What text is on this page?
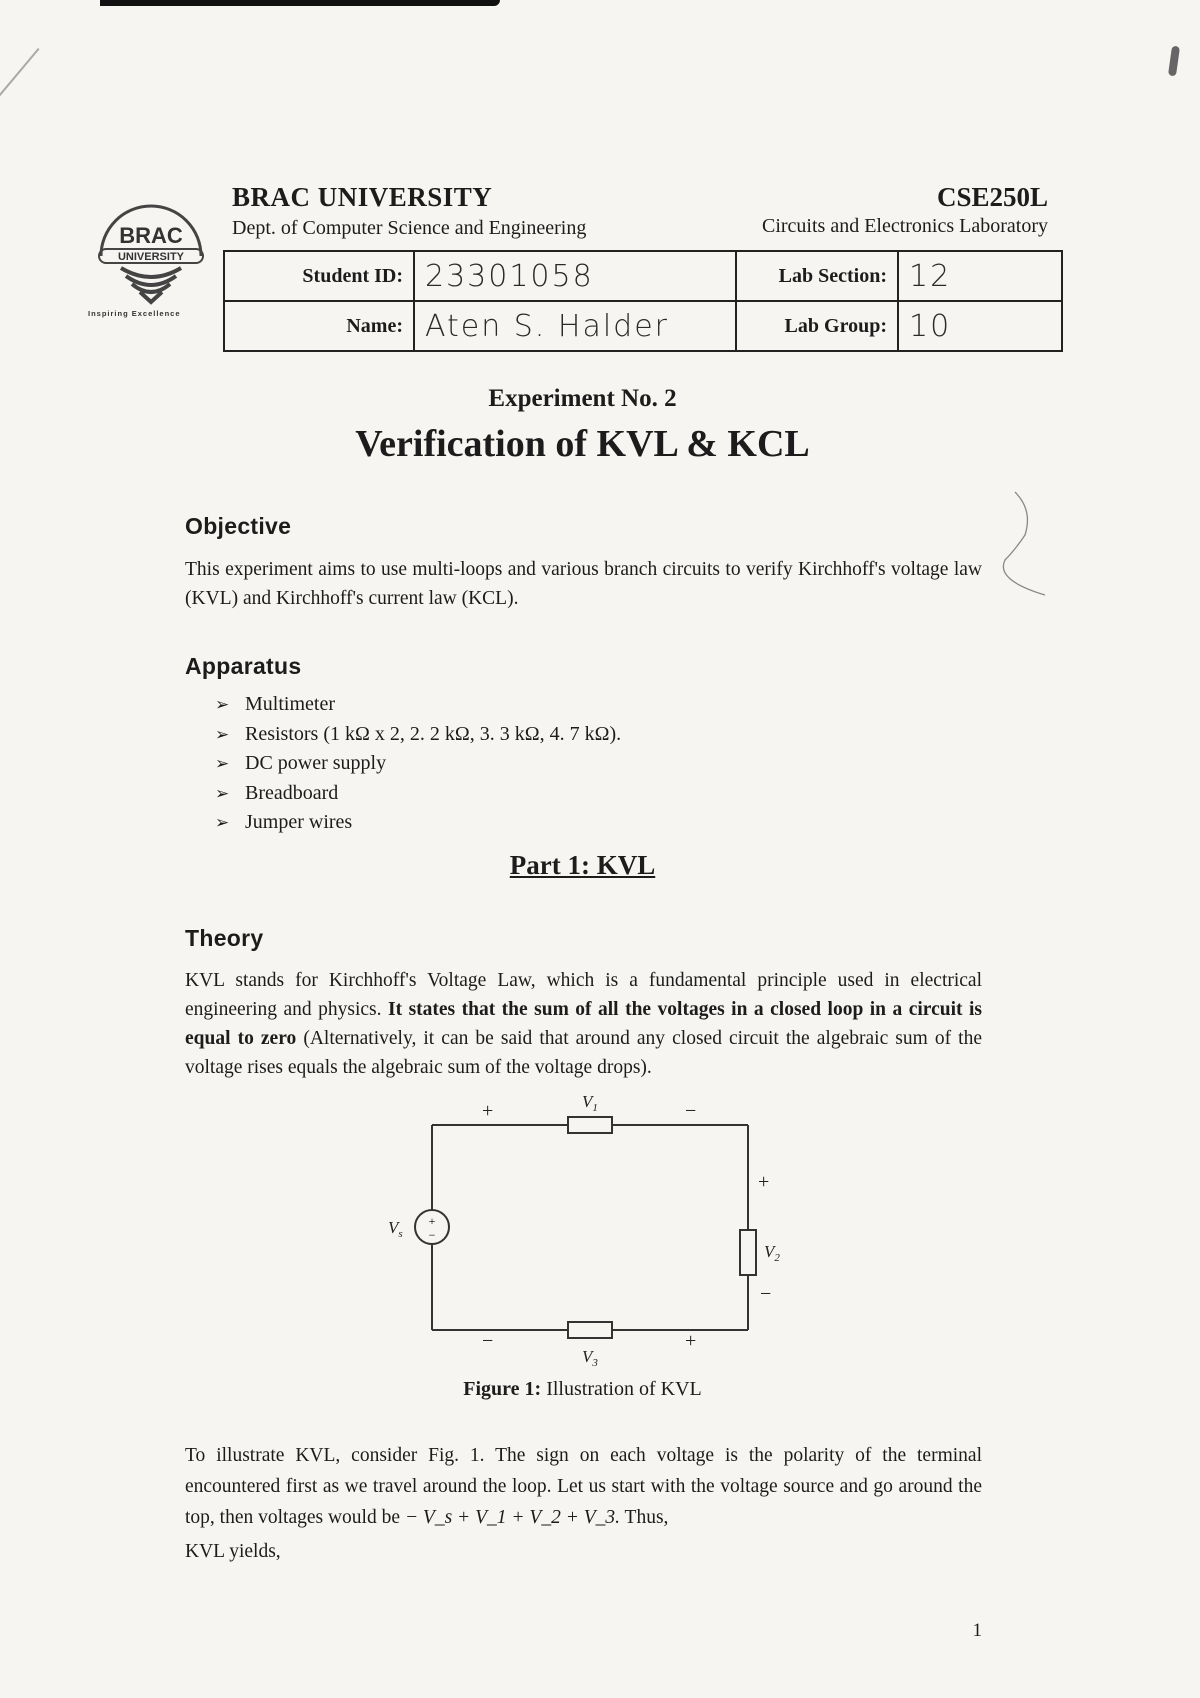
BRAC
UNIVERSITY
Inspiring Excellence
BRAC UNIVERSITY
Dept. of Computer Science and Engineering
CSE250L
Circuits and Electronics Laboratory
Student ID:	23301058	Lab Section:	12
Name:	Aten S. Halder	Lab Group:	10
Experiment No. 2
Verification of KVL & KCL
Objective
This experiment aims to use multi-loops and various branch circuits to verify Kirchhoff's voltage law (KVL) and Kirchhoff's current law (KCL).
Apparatus
➢ Multimeter
➢ Resistors (1 kΩ x 2, 2. 2 kΩ, 3. 3 kΩ, 4. 7 kΩ).
➢ DC power supply
➢ Breadboard
➢ Jumper wires
Part 1: KVL
Theory
KVL stands for Kirchhoff's Voltage Law, which is a fundamental principle used in electrical engineering and physics. It states that the sum of all the voltages in a closed loop in a circuit is equal to zero (Alternatively, it can be said that around any closed circuit the algebraic sum of the voltage rises equals the algebraic sum of the voltage drops).
+
−
$V_s$
$V_1$
$V_2$
$V_3$
+	−
+
−
−	+
Figure 1: Illustration of KVL
To illustrate KVL, consider Fig. 1. The sign on each voltage is the polarity of the terminal encountered first as we travel around the loop. Let us start with the voltage source and go around the top, then voltages would be − V_s + V_1 + V_2 + V_3. Thus,
KVL yields,
1
